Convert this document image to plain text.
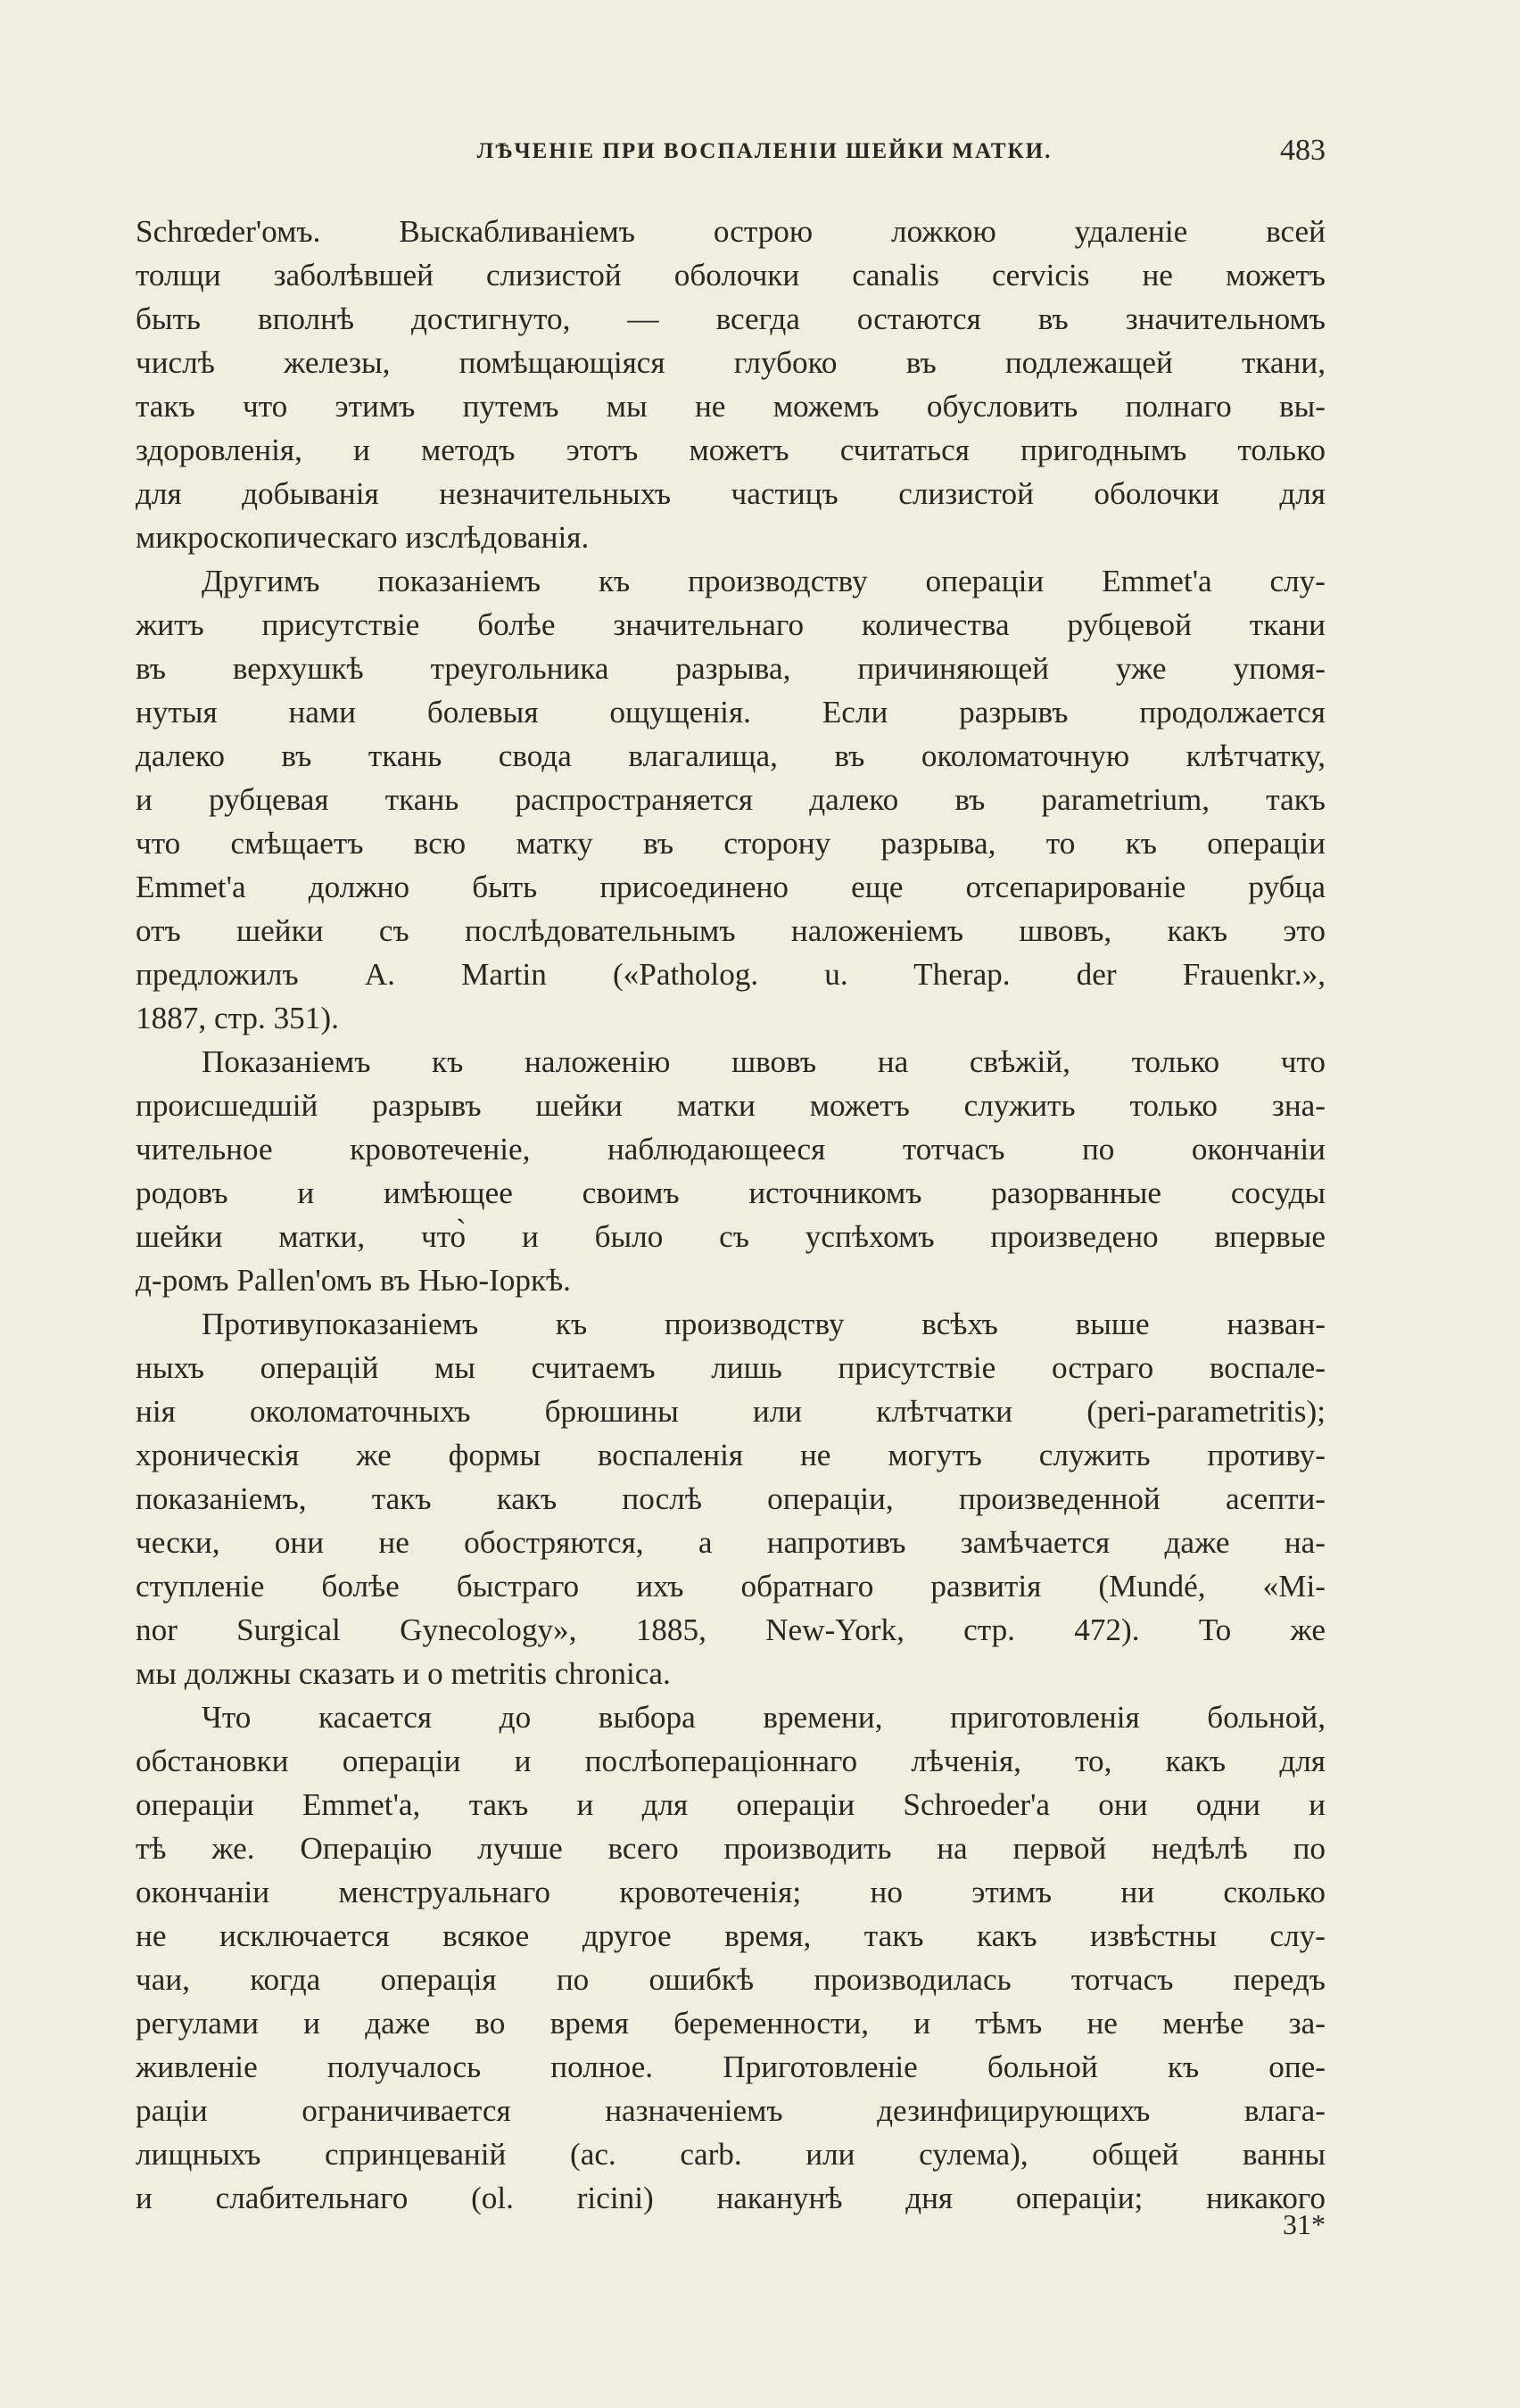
ЛѢЧЕНIЕ ПРИ ВОСПАЛЕНIИ ШЕЙКИ МАТКИ.	483
Schrœder'омъ. Выскабливанiемъ острою ложкою удаленiе всей
толщи заболѣвшей слизистой оболочки canalis cervicis не можетъ
быть вполнѣ достигнуто, — всегда остаются въ значительномъ
числѣ железы, помѣщающiяся глубоко въ подлежащей ткани,
такъ что этимъ путемъ мы не можемъ обусловить полнаго вы-
здоровленiя, и методъ этотъ можетъ считаться пригоднымъ только
для добыванiя незначительныхъ частицъ слизистой оболочки для
микроскопическаго изслѣдованiя.
Другимъ показанiемъ къ производству операцiи Emmet'а слу-
житъ присутствiе болѣе значительнаго количества рубцевой ткани
въ верхушкѣ треугольника разрыва, причиняющей уже упомя-
нутыя нами болевыя ощущенiя. Если разрывъ продолжается
далеко въ ткань свода влагалища, въ околоматочную клѣтчатку,
и рубцевая ткань распространяется далеко въ parametrium, такъ
что смѣщаетъ всю матку въ сторону разрыва, то къ операцiи
Emmet'а должно быть присоединено еще отсепарированiе рубца
отъ шейки съ послѣдовательнымъ наложенiемъ швовъ, какъ это
предложилъ A. Martin («Patholog. u. Therap. der Frauenkr.»,
1887, стр. 351).
Показанiемъ къ наложенiю швовъ на свѣжiй, только что
происшедшiй разрывъ шейки матки можетъ служить только зна-
чительное кровотеченiе, наблюдающееся тотчасъ по окончанiи
родовъ и имѣющее своимъ источникомъ разорванные сосуды
шейки матки, что̀ и было съ успѣхомъ произведено впервые
д-ромъ Pallen'омъ въ Нью-Iоркѣ.
Противупоказанiемъ къ производству всѣхъ выше назван-
ныхъ операцiй мы считаемъ лишь присутствiе остраго воспале-
нiя околоматочныхъ брюшины или клѣтчатки (peri-parametritis);
хроническiя же формы воспаленiя не могутъ служить противу-
показанiемъ, такъ какъ послѣ операцiи, произведенной асепти-
чески, они не обостряются, а напротивъ замѣчается даже на-
ступленiе болѣе быстраго ихъ обратнаго развитiя (Mundé, «Mi-
nor Surgical Gynecology», 1885, New-York, стр. 472). То же
мы должны сказать и о metritis chronica.
Что касается до выбора времени, приготовленiя больной,
обстановки операцiи и послѣоперацiоннаго лѣченiя, то, какъ для
операцiи Emmet'а, такъ и для операцiи Schroeder'а они одни и
тѣ же. Операцiю лучше всего производить на первой недѣлѣ по
окончанiи менструальнаго кровотеченiя; но этимъ ни сколько
не исключается всякое другое время, такъ какъ извѣстны слу-
чаи, когда операцiя по ошибкѣ производилась тотчасъ передъ
регулами и даже во время беременности, и тѣмъ не менѣе за-
живленiе получалось полное. Приготовленiе больной къ опе-
рацiи ограничивается назначенiемъ дезинфицирующихъ влага-
лищныхъ спринцеванiй (ac. carb. или сулема), общей ванны
и слабительнаго (ol. ricini) наканунѣ дня операцiи; никакого
31*
